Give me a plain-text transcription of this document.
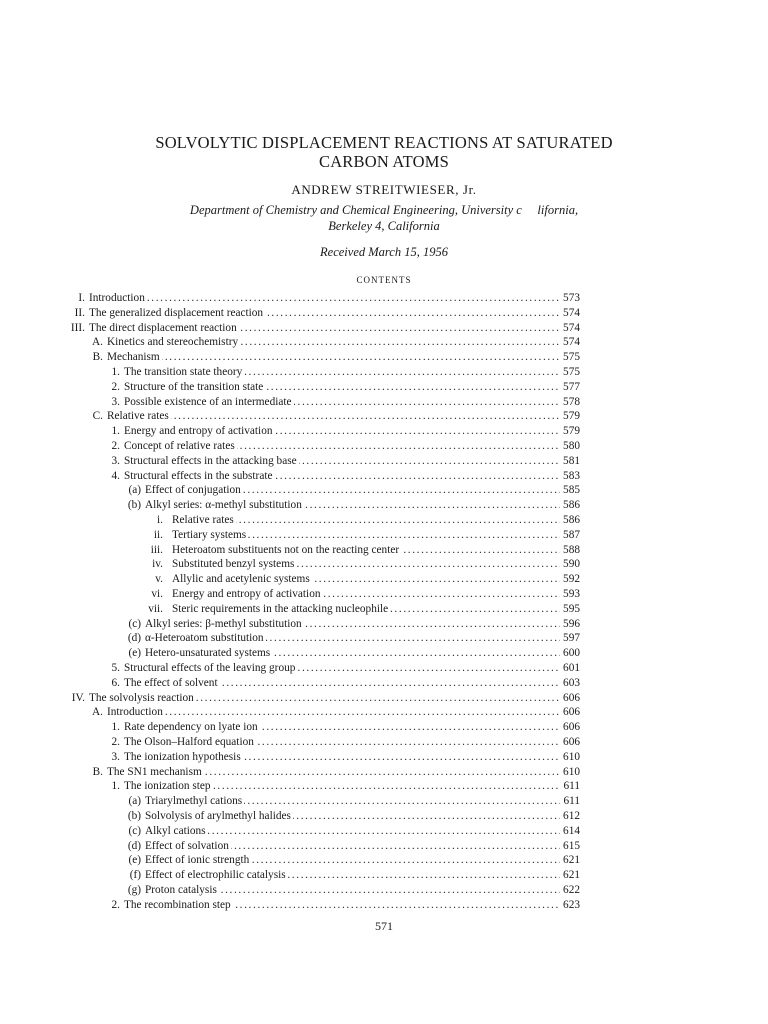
SOLVOLYTIC DISPLACEMENT REACTIONS AT SATURATED
CARBON ATOMS
ANDREW STREITWIESER, Jr.
Department of Chemistry and Chemical Engineering, University c     lifornia,
Berkeley 4, California
Received March 15, 1956
CONTENTS
I. Introduction . . .	573
II. The generalized displacement reaction . . .	574
III. The direct displacement reaction . . .	574
A. Kinetics and stereochemistry . . .	574
B. Mechanism . . .	575
1. The transition state theory . . .	575
2. Structure of the transition state . . .	577
3. Possible existence of an intermediate . . .	578
C. Relative rates . . .	579
1. Energy and entropy of activation . . .	579
2. Concept of relative rates . . .	580
3. Structural effects in the attacking base . . .	581
4. Structural effects in the substrate . . .	583
(a) Effect of conjugation . . .	585
(b) Alkyl series: α-methyl substitution . . .	586
i. Relative rates . . .	586
ii. Tertiary systems . . .	587
iii. Heteroatom substituents not on the reacting center . . .	588
iv. Substituted benzyl systems . . .	590
v. Allylic and acetylenic systems . . .	592
vi. Energy and entropy of activation . . .	593
vii. Steric requirements in the attacking nucleophile . . .	595
(c) Alkyl series: β-methyl substitution . . .	596
(d) α-Heteroatom substitution . . .	597
(e) Hetero-unsaturated systems . . .	600
5. Structural effects of the leaving group . . .	601
6. The effect of solvent . . .	603
IV. The solvolysis reaction . . .	606
A. Introduction . . .	606
1. Rate dependency on lyate ion . . .	606
2. The Olson–Halford equation . . .	606
3. The ionization hypothesis . . .	610
B. The SN1 mechanism . . .	610
1. The ionization step . . .	611
(a) Triarylmethyl cations . . .	611
(b) Solvolysis of arylmethyl halides . . .	612
(c) Alkyl cations . . .	614
(d) Effect of solvation . . .	615
(e) Effect of ionic strength . . .	621
(f) Effect of electrophilic catalysis . . .	621
(g) Proton catalysis . . .	622
2. The recombination step . . .	623
571
